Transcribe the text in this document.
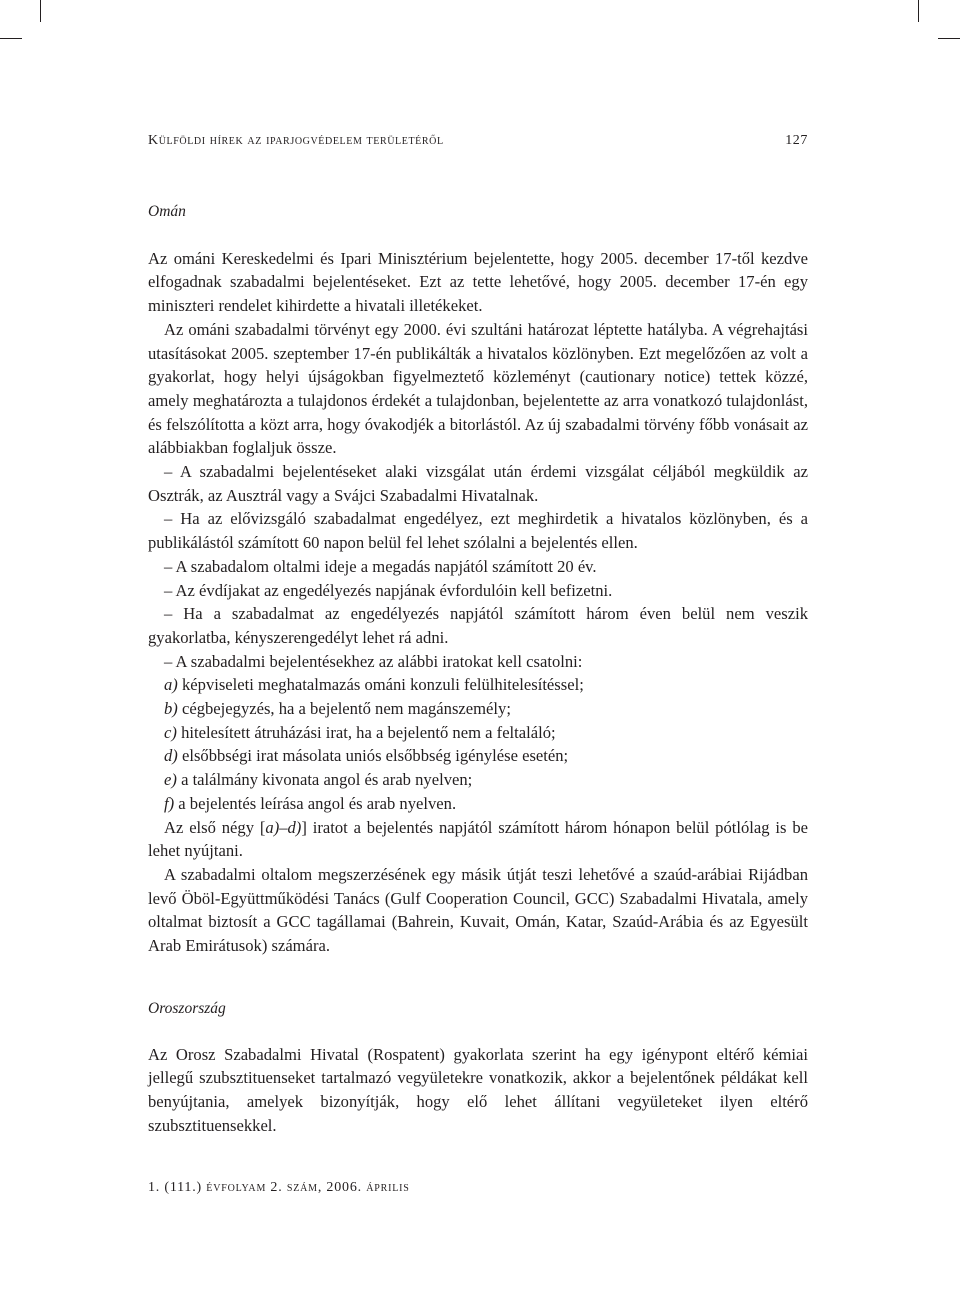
Külföldi hírek az iparjogvédelem területéről	127

Omán

Az ománi Kereskedelmi és Ipari Minisztérium bejelentette, hogy 2005. december 17-től kezdve elfogadnak szabadalmi bejelentéseket. Ezt az tette lehetővé, hogy 2005. december 17-én egy miniszteri rendelet kihirdette a hivatali illetékeket.

Az ománi szabadalmi törvényt egy 2000. évi szultáni határozat léptette hatályba. A végrehajtási utasításokat 2005. szeptember 17-én publikálták a hivatalos közlönyben. Ezt megelőzően az volt a gyakorlat, hogy helyi újságokban figyelmeztető közleményt (cautionary notice) tettek közzé, amely meghatározta a tulajdonos érdekét a tulajdonban, bejelentette az arra vonatkozó tulajdonlást, és felszólította a közt arra, hogy óvakodjék a bitorlástól. Az új szabadalmi törvény főbb vonásait az alábbiakban foglaljuk össze.

– A szabadalmi bejelentéseket alaki vizsgálat után érdemi vizsgálat céljából megküldik az Osztrák, az Ausztrál vagy a Svájci Szabadalmi Hivatalnak.

– Ha az elővizsgáló szabadalmat engedélyez, ezt meghirdetik a hivatalos közlönyben, és a publikálástól számított 60 napon belül fel lehet szólalni a bejelentés ellen.

– A szabadalom oltalmi ideje a megadás napjától számított 20 év.

– Az évdíjakat az engedélyezés napjának évfordulóin kell befizetni.

– Ha a szabadalmat az engedélyezés napjától számított három éven belül nem veszik gyakorlatba, kényszerengedélyt lehet rá adni.

– A szabadalmi bejelentésekhez az alábbi iratokat kell csatolni:

a) képviseleti meghatalmazás ománi konzuli felülhitelesítéssel;

b) cégbejegyzés, ha a bejelentő nem magánszemély;

c) hitelesített átruházási irat, ha a bejelentő nem a feltaláló;

d) elsőbbségi irat másolata uniós elsőbbség igénylése esetén;

e) a találmány kivonata angol és arab nyelven;

f) a bejelentés leírása angol és arab nyelven.

Az első négy [a)–d)] iratot a bejelentés napjától számított három hónapon belül pótlólag is be lehet nyújtani.

A szabadalmi oltalom megszerzésének egy másik útját teszi lehetővé a szaúd-arábiai Rijádban levő Öböl-Együttműködési Tanács (Gulf Cooperation Council, GCC) Szabadalmi Hivatala, amely oltalmat biztosít a GCC tagállamai (Bahrein, Kuvait, Omán, Katar, Szaúd-Arábia és az Egyesült Arab Emirátusok) számára.

Oroszország

Az Orosz Szabadalmi Hivatal (Rospatent) gyakorlata szerint ha egy igénypont eltérő kémiai jellegű szubsztituenseket tartalmazó vegyületekre vonatkozik, akkor a bejelentőnek példákat kell benyújtania, amelyek bizonyítják, hogy elő lehet állítani vegyületeket ilyen eltérő szubsztituensekkel.

1. (111.) évfolyam 2. szám, 2006. április
